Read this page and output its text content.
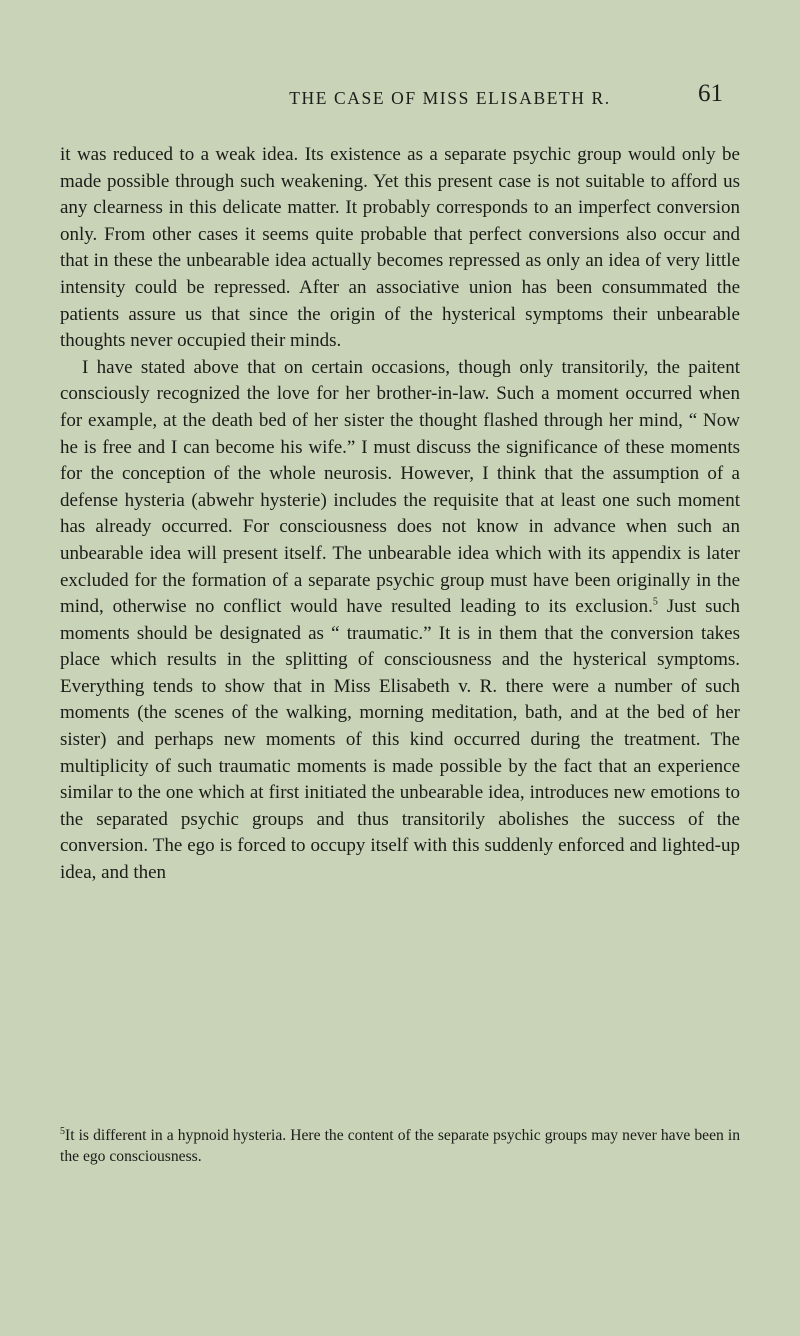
THE CASE OF MISS ELISABETH R.	61

it was reduced to a weak idea. Its existence as a separate psychic group would only be made possible through such weakening. Yet this present case is not suitable to afford us any clearness in this delicate matter. It probably corresponds to an imperfect conversion only. From other cases it seems quite probable that perfect conversions also occur and that in these the unbearable idea actually becomes repressed as only an idea of very little intensity could be repressed. After an associative union has been consummated the patients assure us that since the origin of the hysterical symptoms their unbearable thoughts never occupied their minds.

I have stated above that on certain occasions, though only transitorily, the paitent consciously recognized the love for her brother-in-law. Such a moment occurred when for example, at the death bed of her sister the thought flashed through her mind, “ Now he is free and I can become his wife.” I must discuss the significance of these moments for the conception of the whole neurosis. However, I think that the assumption of a defense hysteria (abwehr hysterie) includes the requisite that at least one such moment has already occurred. For consciousness does not know in advance when such an unbearable idea will present itself. The unbearable idea which with its appendix is later excluded for the formation of a separate psychic group must have been originally in the mind, otherwise no conflict would have resulted leading to its exclusion.$^5$ Just such moments should be designated as “ traumatic.” It is in them that the conversion takes place which results in the splitting of consciousness and the hysterical symptoms. Everything tends to show that in Miss Elisabeth v. R. there were a number of such moments (the scenes of the walking, morning meditation, bath, and at the bed of her sister) and perhaps new moments of this kind occurred during the treatment. The multiplicity of such traumatic moments is made possible by the fact that an experience similar to the one which at first initiated the unbearable idea, introduces new emotions to the separated psychic groups and thus transitorily abolishes the success of the conversion. The ego is forced to occupy itself with this suddenly enforced and lighted-up idea, and then

$^5$It is different in a hypnoid hysteria. Here the content of the separate psychic groups may never have been in the ego consciousness.
